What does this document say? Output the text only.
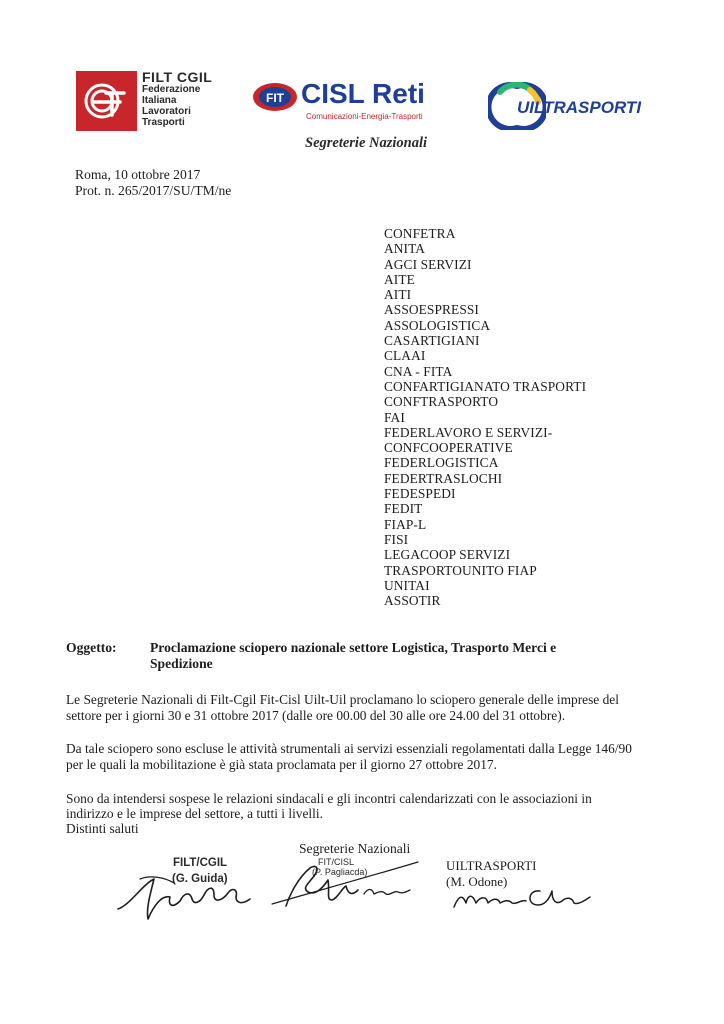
FILT CGIL
Federazione
Italiana
Lavoratori
Trasporti
FIT CISL Reti
Comunicazioni-Energia-Trasporti	UILTRASPORTI
Segreterie Nazionali
Roma, 10 ottobre 2017
Prot. n. 265/2017/SU/TM/ne
CONFETRA
ANITA
AGCI SERVIZI
AITE
AITI
ASSOESPRESSI
ASSOLOGISTICA
CASARTIGIANI
CLAAI
CNA - FITA
CONFARTIGIANATO TRASPORTI
CONFTRASPORTO
FAI
FEDERLAVORO E SERVIZI-
CONFCOOPERATIVE
FEDERLOGISTICA
FEDERTRASLOCHI
FEDESPEDI
FEDIT
FIAP-L
FISI
LEGACOOP SERVIZI
TRASPORTOUNITO FIAP
UNITAI
ASSOTIR
Oggetto: Proclamazione sciopero nazionale settore Logistica, Trasporto Merci e
Spedizione
Le Segreterie Nazionali di Filt-Cgil Fit-Cisl Uilt-Uil proclamano lo sciopero generale delle imprese del
settore per i giorni 30 e 31 ottobre 2017 (dalle ore 00.00 del 30 alle ore 24.00 del 31 ottobre).
Da tale sciopero sono escluse le attività strumentali ai servizi essenziali regolamentati dalla Legge 146/90
per le quali la mobilitazione è già stata proclamata per il giorno 27 ottobre 2017.
Sono da intendersi sospese le relazioni sindacali e gli incontri calendarizzati con le associazioni in
indirizzo e le imprese del settore, a tutti i livelli.
Distinti saluti
Segreterie Nazionali
FILT/CGIL
(G. Guida)
FIT/CISL
(P. Pagliacda)	UILTRASPORTI
(M. Odone)
